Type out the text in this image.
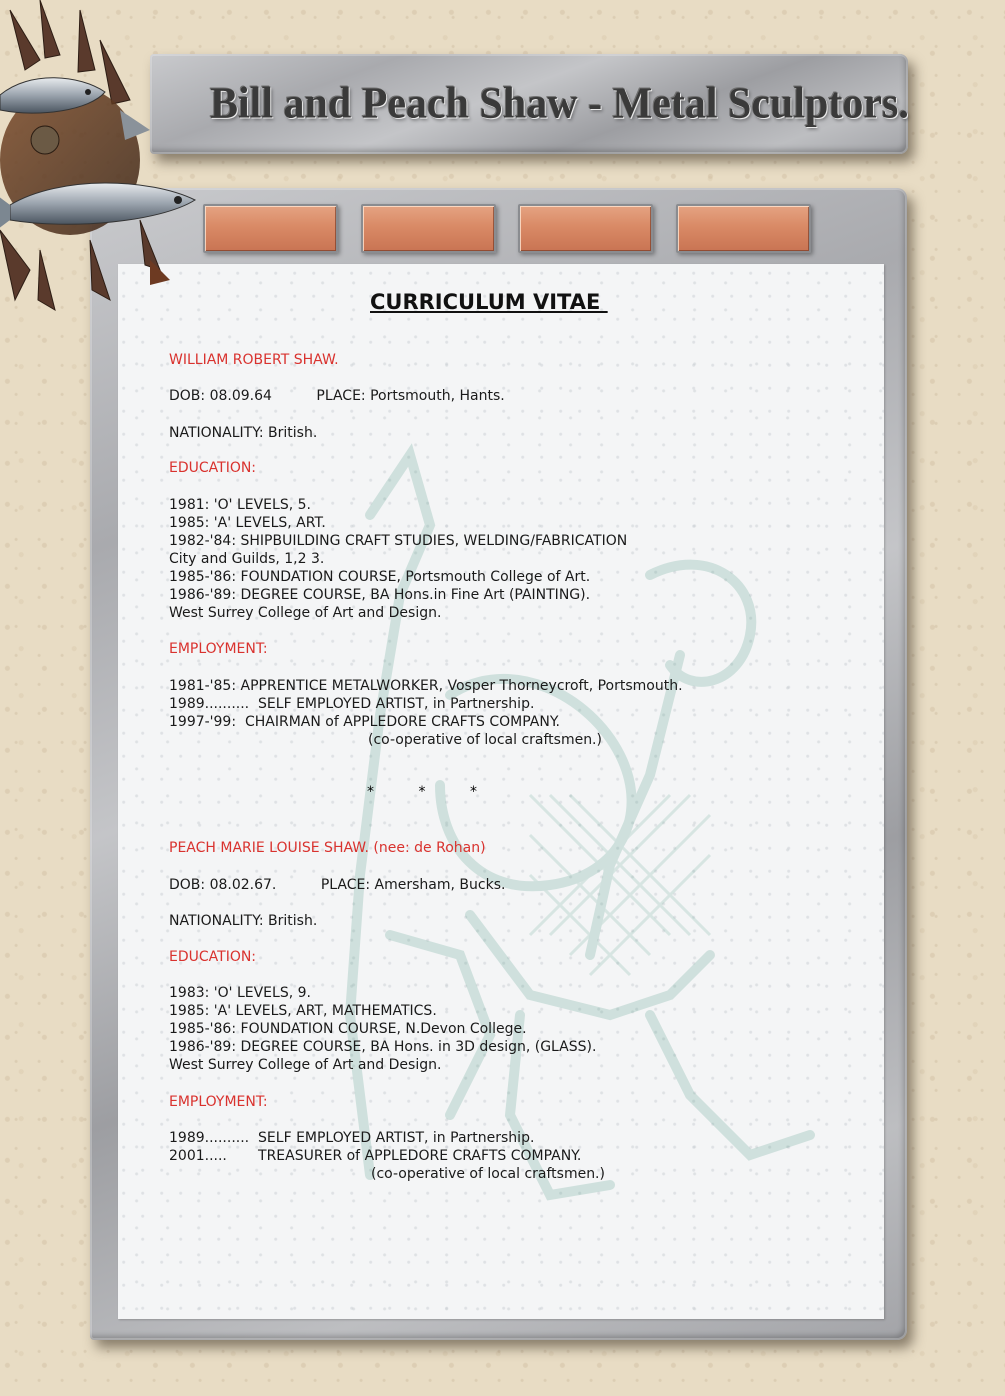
Bill and Peach Shaw - Metal Sculptors.
CURRICULUM VITAE
WILLIAM ROBERT SHAW.
DOB: 08.09.64          PLACE: Portsmouth, Hants.
NATIONALITY: British.
EDUCATION:
1981: 'O' LEVELS, 5.
1985: 'A' LEVELS, ART.
1982-'84: SHIPBUILDING CRAFT STUDIES, WELDING/FABRICATION
City and Guilds, 1,2 3.
1985-'86: FOUNDATION COURSE, Portsmouth College of Art.
1986-'89: DEGREE COURSE, BA Hons.in Fine Art (PAINTING).
West Surrey College of Art and Design.
EMPLOYMENT:
1981-'85: APPRENTICE METALWORKER, Vosper Thorneycroft, Portsmouth.
1989..........  SELF EMPLOYED ARTIST, in Partnership.
1997-'99:  CHAIRMAN of APPLEDORE CRAFTS COMPANY.
(co-operative of local craftsmen.)
*          *          *
PEACH MARIE LOUISE SHAW. (nee: de Rohan)
DOB: 08.02.67.          PLACE: Amersham, Bucks.
NATIONALITY: British.
EDUCATION:
1983: 'O' LEVELS, 9.
1985: 'A' LEVELS, ART, MATHEMATICS.
1985-'86: FOUNDATION COURSE, N.Devon College.
1986-'89: DEGREE COURSE, BA Hons. in 3D design, (GLASS).
West Surrey College of Art and Design.
EMPLOYMENT:
1989..........  SELF EMPLOYED ARTIST, in Partnership.
2001.....       TREASURER of APPLEDORE CRAFTS COMPANY.
(co-operative of local craftsmen.)
